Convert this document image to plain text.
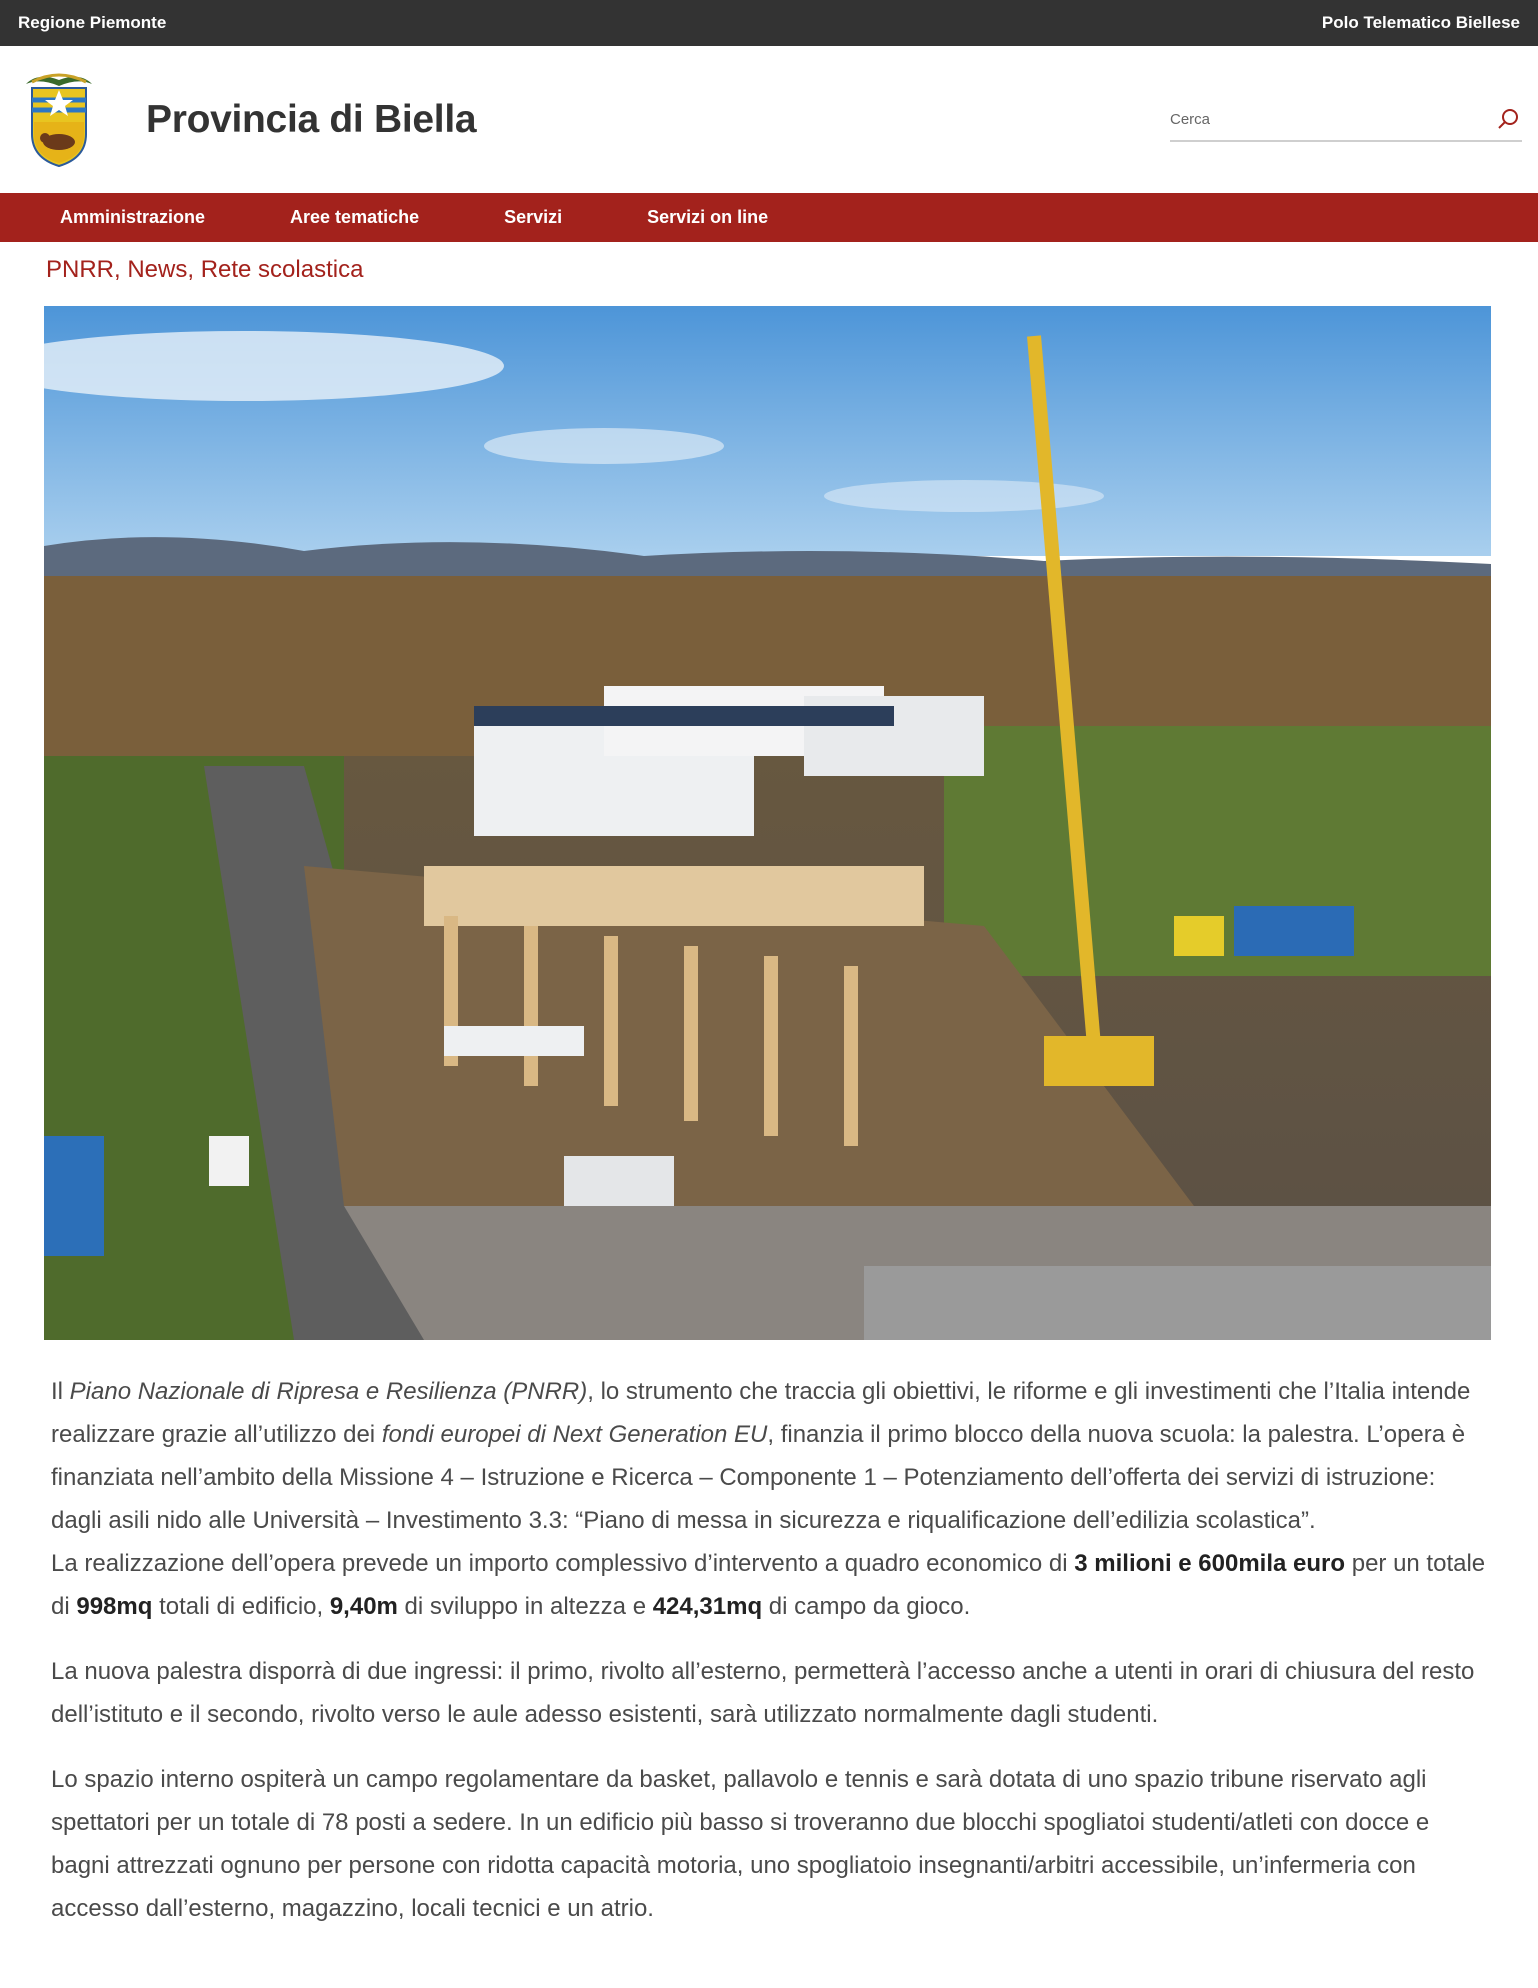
Regione Piemonte	Polo Telematico Biellese
Provincia di Biella
Cerca
Amministrazione	Aree tematiche	Servizi	Servizi on line
PNRR, News, Rete scolastica

Il Piano Nazionale di Ripresa e Resilienza (PNRR), lo strumento che traccia gli obiettivi, le riforme e gli investimenti che l’Italia intende realizzare grazie all’utilizzo dei fondi europei di Next Generation EU, finanzia il primo blocco della nuova scuola: la palestra. L’opera è finanziata nell’ambito della Missione 4 – Istruzione e Ricerca – Componente 1 – Potenziamento dell’offerta dei servizi di istruzione: dagli asili nido alle Università – Investimento 3.3: “Piano di messa in sicurezza e riqualificazione dell’edilizia scolastica”.
La realizzazione dell’opera prevede un importo complessivo d’intervento a quadro economico di 3 milioni e 600mila euro per un totale di 998mq totali di edificio, 9,40m di sviluppo in altezza e 424,31mq di campo da gioco.

La nuova palestra disporrà di due ingressi: il primo, rivolto all’esterno, permetterà l’accesso anche a utenti in orari di chiusura del resto dell’istituto e il secondo, rivolto verso le aule adesso esistenti, sarà utilizzato normalmente dagli studenti.

Lo spazio interno ospiterà un campo regolamentare da basket, pallavolo e tennis e sarà dotata di uno spazio tribune riservato agli spettatori per un totale di 78 posti a sedere. In un edificio più basso si troveranno due blocchi spogliatoi studenti/atleti con docce e bagni attrezzati ognuno per persone con ridotta capacità motoria, uno spogliatoio insegnanti/arbitri accessibile, un’infermeria con accesso dall’esterno, magazzino, locali tecnici e un atrio.
